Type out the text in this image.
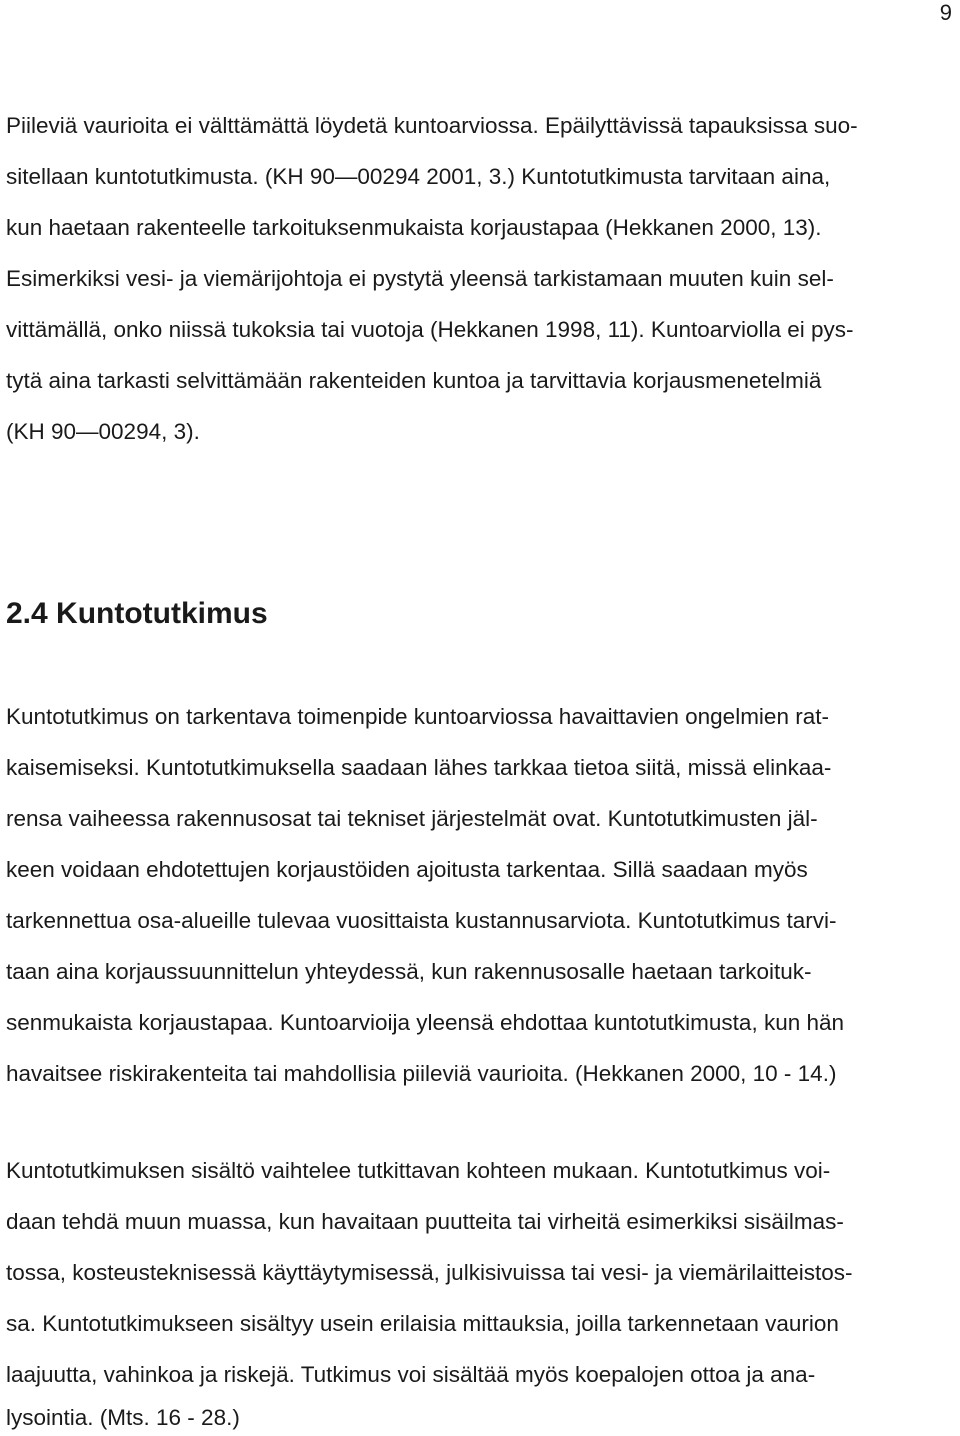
9
Piileviä vaurioita ei välttämättä löydetä kuntoarviossa. Epäilyttävissä tapauksissa suo-
sitellaan kuntotutkimusta. (KH 90—00294 2001, 3.) Kuntotutkimusta tarvitaan aina,
kun haetaan rakenteelle tarkoituksenmukaista korjaustapaa (Hekkanen 2000, 13).
Esimerkiksi vesi- ja viemärijohtoja ei pystytä yleensä tarkistamaan muuten kuin sel-
vittämällä, onko niissä tukoksia tai vuotoja (Hekkanen 1998, 11). Kuntoarviolla ei pys-
tytä aina tarkasti selvittämään rakenteiden kuntoa ja tarvittavia korjausmenetelmiä
(KH 90—00294, 3).
2.4 Kuntotutkimus
Kuntotutkimus on tarkentava toimenpide kuntoarviossa havaittavien ongelmien rat-
kaisemiseksi. Kuntotutkimuksella saadaan lähes tarkkaa tietoa siitä, missä elinkaa-
rensa vaiheessa rakennusosat tai tekniset järjestelmät ovat. Kuntotutkimusten jäl-
keen voidaan ehdotettujen korjaustöiden ajoitusta tarkentaa. Sillä saadaan myös
tarkennettua osa-alueille tulevaa vuosittaista kustannusarviota. Kuntotutkimus tarvi-
taan aina korjaussuunnittelun yhteydessä, kun rakennusosalle haetaan tarkoituk-
senmukaista korjaustapaa. Kuntoarvioija yleensä ehdottaa kuntotutkimusta, kun hän
havaitsee riskirakenteita tai mahdollisia piileviä vaurioita. (Hekkanen 2000, 10 - 14.)
Kuntotutkimuksen sisältö vaihtelee tutkittavan kohteen mukaan. Kuntotutkimus voi-
daan tehdä muun muassa, kun havaitaan puutteita tai virheitä esimerkiksi sisäilmas-
tossa, kosteusteknisessä käyttäytymisessä, julkisivuissa tai vesi- ja viemärilaitteistos-
sa. Kuntotutkimukseen sisältyy usein erilaisia mittauksia, joilla tarkennetaan vaurion
laajuutta, vahinkoa ja riskejä. Tutkimus voi sisältää myös koepalojen ottoa ja ana-
lysointia. (Mts. 16 - 28.)
